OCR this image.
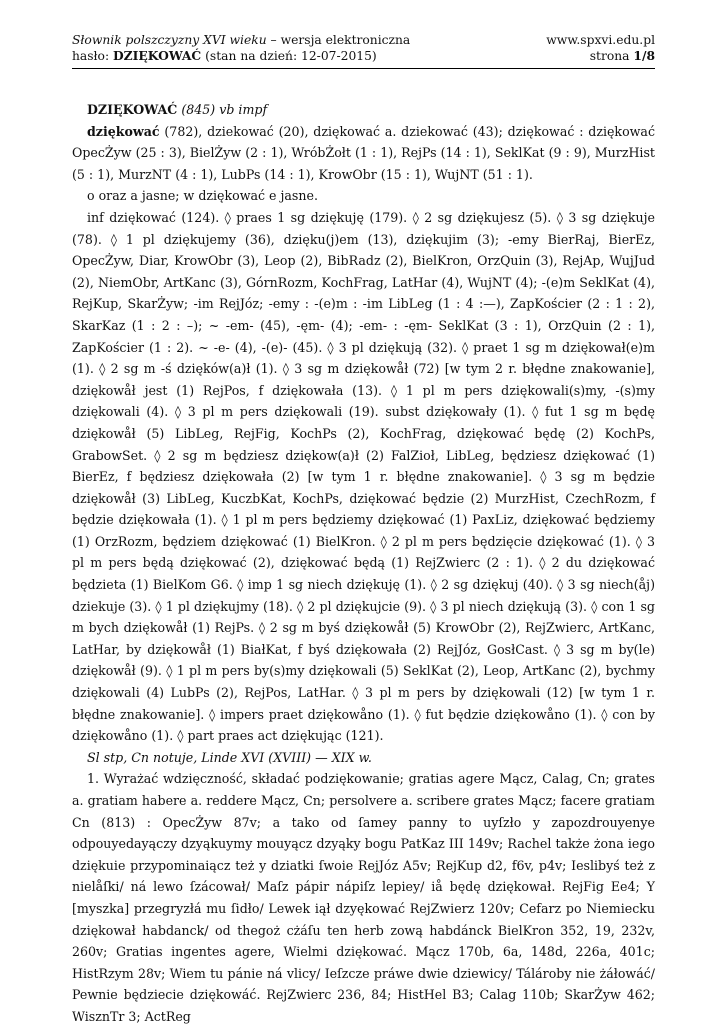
Słownik polszczyzny XVI wieku – wersja elektroniczna	www.spxvi.edu.pl
hasło: DZIĘKOWAĆ (stan na dzień: 12-07-2015)	strona 1/8

DZIĘKOWAĆ (845) vb impf

dziękować (782), dziekować (20), dziękować a. dziekować (43); dziękować : dziękować OpecŻyw (25 : 3), BielŻyw (2 : 1), WróbŻołt (1 : 1), RejPs (14 : 1), SeklKat (9 : 9), MurzHist (5 : 1), MurzNT (4 : 1), LubPs (14 : 1), KrowObr (15 : 1), WujNT (51 : 1).

o oraz a jasne; w dziękować e jasne.

inf dziękować (124). ◊ praes 1 sg dziękuję (179). ◊ 2 sg dziękujesz (5). ◊ 3 sg dziękuje (78). ◊ 1 pl dziękujemy (36), dzięku(j)em (13), dziękujim (3); -emy BierRaj, BierEz, OpecŻyw, Diar, KrowObr (3), Leop (2), BibRadz (2), BielKron, OrzQuin (3), RejAp, WujJud (2), NiemObr, ArtKanc (3), GórnRozm, KochFrag, LatHar (4), WujNT (4); -(e)m SeklKat (4), RejKup, SkarŻyw; -im RejJóz; -emy : -(e)m : -im LibLeg (1 : 4 :—), ZapKościer (2 : 1 : 2), SkarKaz (1 : 2 : –); ~ -em- (45), -ęm- (4); -em- : -ęm- SeklKat (3 : 1), OrzQuin (2 : 1), ZapKościer (1 : 2). ~ -e- (4), -(e)- (45). ◊ 3 pl dziękują (32). ◊ praet 1 sg m dziękował(e)m (1). ◊ 2 sg m -ś dzięków(a)ł (1). ◊ 3 sg m dziękowåł (72) [w tym 2 r. błędne znakowanie], dziękowåł jest (1) RejPos, f dziękowała (13). ◊ 1 pl m pers dziękowali(s)my, -(s)my dziękowali (4). ◊ 3 pl m pers dziękowali (19). subst dziękowały (1). ◊ fut 1 sg m będę dziękowåł (5) LibLeg, RejFig, KochPs (2), KochFrag, dziękować będę (2) KochPs, GrabowSet. ◊ 2 sg m będziesz dziękow(a)ł (2) FalZioł, LibLeg, będziesz dziękować (1) BierEz, f będziesz dziękowała (2) [w tym 1 r. błędne znakowanie]. ◊ 3 sg m będzie dziękowåł (3) LibLeg, KuczbKat, KochPs, dziękować będzie (2) MurzHist, CzechRozm, f będzie dziękowała (1). ◊ 1 pl m pers będziemy dziękować (1) PaxLiz, dziękować będziemy (1) OrzRozm, będziem dziękować (1) BielKron. ◊ 2 pl m pers będzięcie dziękować (1). ◊ 3 pl m pers będą dziękować (2), dziękować będą (1) RejZwierc (2 : 1). ◊ 2 du dziękować będzieta (1) BielKom G6. ◊ imp 1 sg niech dziękuję (1). ◊ 2 sg dziękuj (40). ◊ 3 sg niech(åj) dziekuje (3). ◊ 1 pl dziękujmy (18). ◊ 2 pl dziękujcie (9). ◊ 3 pl niech dziękują (3). ◊ con 1 sg m bych dziękowåł (1) RejPs. ◊ 2 sg m byś dziękowåł (5) KrowObr (2), RejZwierc, ArtKanc, LatHar, by dziękowåł (1) BiałKat, f byś dziękowała (2) RejJóz, GosłCast. ◊ 3 sg m by(le) dziękowåł (9). ◊ 1 pl m pers by(s)my dziękowali (5) SeklKat (2), Leop, ArtKanc (2), bychmy dziękowali (4) LubPs (2), RejPos, LatHar. ◊ 3 pl m pers by dziękowali (12) [w tym 1 r. błędne znakowanie]. ◊ impers praet dziękowåno (1). ◊ fut będzie dziękowåno (1). ◊ con by dziękowåno (1). ◊ part praes act dziękując (121).

Sl stp, Cn notuje, Linde XVI (XVIII) — XIX w.

1. Wyrażać wdzięczność, składać podziękowanie; gratias agere Mącz, Calag, Cn; grates a. gratiam habere a. reddere Mącz, Cn; persolvere a. scribere grates Mącz; facere gratiam Cn (813) : OpecŻyw 87v; a tako od ſamey panny to uyſzło y zapozdrouyenye odpouyedayączy dzyąkuymy mouyącz dzyąky bogu PatKaz III 149v; Rachel także żona iego dziękuie przypominaiącz też y dziatki ſwoie RejJóz A5v; RejKup d2, f6v, p4v; Ieslibyś też z nielåſki/ ná lewo ſzácował/ Maſz pápir nápiſz lepiey/ iå będę dziękował. RejFig Ee4; Y [myszka] przegryzłá mu ſidło/ Lewek iął dzyękować RejZwierz 120v; Cefarz po Niemiecku dziękował habdanck/ od thegoż cżáſu ten herb zową habdánck BielKron 352, 19, 232v, 260v; Gratias ingentes agere, Wielmi dziękować. Mącz 170b, 6a, 148d, 226a, 401c; HistRzym 28v; Wiem tu pánie ná vlicy/ Ieſzcze práwe dwie dziewicy/ Tálároby nie żáłowáć/ Pewnie będziecie dziękowáć. RejZwierc 236, 84; HistHel B3; Calag 110b; SkarŻyw 462; WisznTr 3; ActReg
